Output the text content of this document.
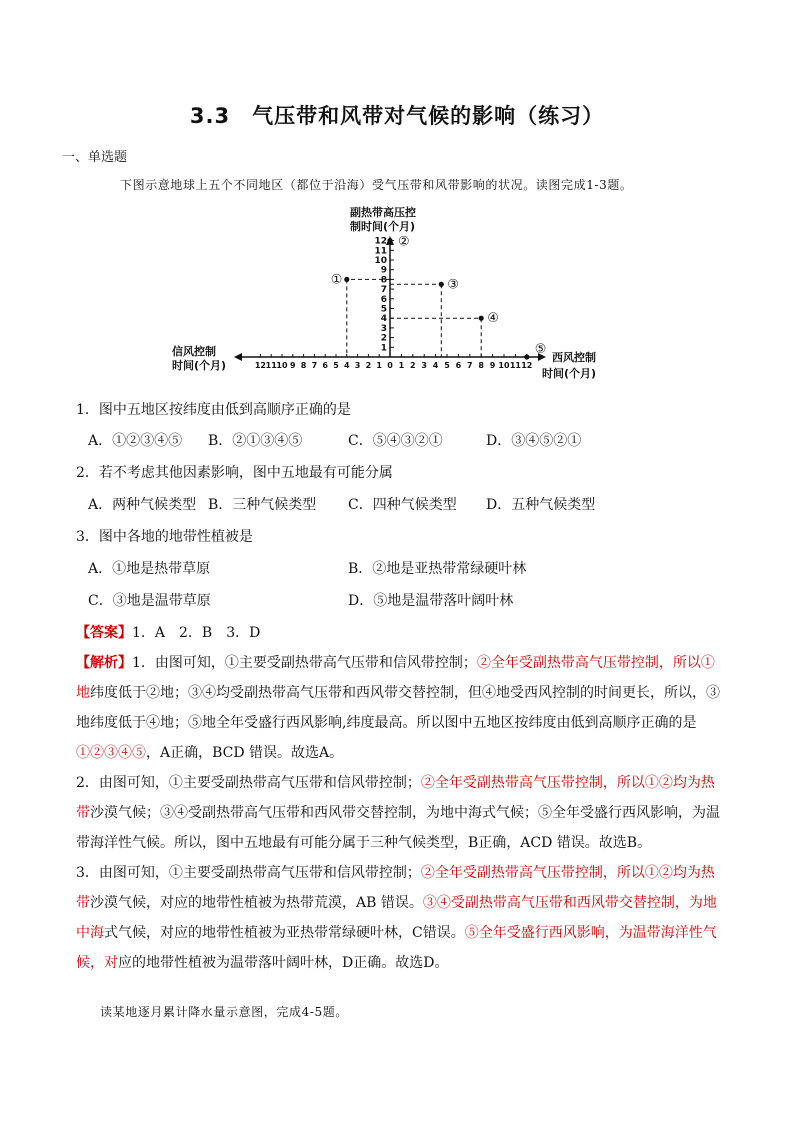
3.3　气压带和风带对气候的影响（练习）
一、单选题
下图示意地球上五个不同地区（都位于沿海）受气压带和风带影响的状况。读图完成1-3题。
副热带高压控
制时间(个月)
信风控制
时间(个月)
西风控制
时间(个月)
1
2
3
4
5
6
7
8
9
10
11
12
12 11 10 9 8 7 6 5 4 3 2 1 0 1 2 3 4 5 6 7 8 9 10 11 12
①
②
③
④
⑤
1．图中五地区按纬度由低到高顺序正确的是
A．①②③④⑤ B．②①③④⑤	C．⑤④③②①	D．③④⑤②①
2．若不考虑其他因素影响，图中五地最有可能分属
A．两种气候类型 B．三种气候类型 C．四种气候类型 D．五种气候类型
3．图中各地的地带性植被是
A．①地是热带草原	B．②地是亚热带常绿硬叶林
C．③地是温带草原	D．⑤地是温带落叶阔叶林
【答案】1．A　2．B　3．D

【解析】1．由图可知，①主要受副热带高气压带和信风带控制；②全年受副热带高气压带控制，所以①地纬度低于②地；③④均受副热带高气压带和西风带交替控制，但④地受西风控制的时间更长，所以，③地纬度低于④地；⑤地全年受盛行西风影响,纬度最高。所以图中五地区按纬度由低到高顺序正确的是①②③④⑤，A正确，BCD 错误。故选A。

2．由图可知，①主要受副热带高气压带和信风带控制；②全年受副热带高气压带控制，所以①②均为热带沙漠气候；③④受副热带高气压带和西风带交替控制，为地中海式气候；⑤全年受盛行西风影响，为温带海洋性气候。所以，图中五地最有可能分属于三种气候类型，B正确，ACD 错误。故选B。

3．由图可知，①主要受副热带高气压带和信风带控制；②全年受副热带高气压带控制，所以①②均为热带沙漠气候，对应的地带性植被为热带荒漠，AB 错误。③④受副热带高气压带和西风带交替控制，为地中海式气候，对应的地带性植被为亚热带常绿硬叶林，C错误。⑤全年受盛行西风影响，为温带海洋性气候，对应的地带性植被为温带落叶阔叶林，D正确。故选D。

读某地逐月累计降水量示意图，完成4-5题。
